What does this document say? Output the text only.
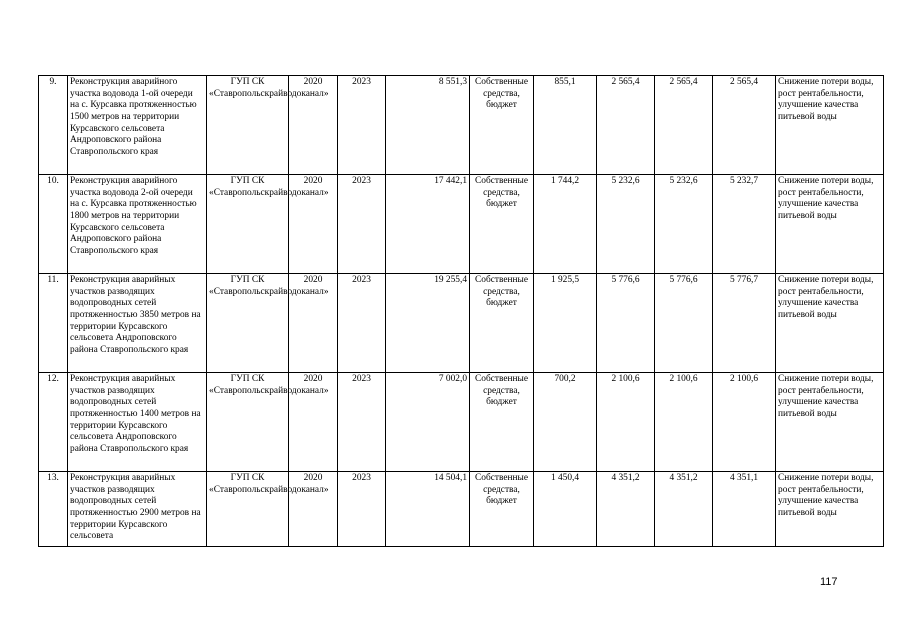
9.	Реконструкция аварийного участка водовода 1-ой очереди на с. Курсавка протяженностью 1500 метров на территории Курсавского сельсовета Андроповского района Ставропольского края	ГУП СК «Ставропольскрайводоканал»	2020	2023	8 551,3	Собственные средства, бюджет	855,1	2 565,4	2 565,4	2 565,4	Снижение потери воды, рост рентабельности, улучшение качества питьевой воды
10.	Реконструкция аварийного участка водовода 2-ой очереди на с. Курсавка протяженностью 1800 метров на территории Курсавского сельсовета Андроповского района Ставропольского края	ГУП СК «Ставропольскрайводоканал»	2020	2023	17 442,1	Собственные средства, бюджет	1 744,2	5 232,6	5 232,6	5 232,7	Снижение потери воды, рост рентабельности, улучшение качества питьевой воды
11.	Реконструкция аварийных участков разводящих водопроводных сетей протяженностью 3850 метров на территории Курсавского сельсовета Андроповского района Ставропольского края	ГУП СК «Ставропольскрайводоканал»	2020	2023	19 255,4	Собственные средства, бюджет	1 925,5	5 776,6	5 776,6	5 776,7	Снижение потери воды, рост рентабельности, улучшение качества питьевой воды
12.	Реконструкция аварийных участков разводящих водопроводных сетей протяженностью 1400 метров на территории Курсавского сельсовета Андроповского района Ставропольского края	ГУП СК «Ставропольскрайводоканал»	2020	2023	7 002,0	Собственные средства, бюджет	700,2	2 100,6	2 100,6	2 100,6	Снижение потери воды, рост рентабельности, улучшение качества питьевой воды
13.	Реконструкция аварийных участков разводящих водопроводных сетей протяженностью 2900 метров на территории Курсавского сельсовета	ГУП СК «Ставропольскрайводоканал»	2020	2023	14 504,1	Собственные средства, бюджет	1 450,4	4 351,2	4 351,2	4 351,1	Снижение потери воды, рост рентабельности, улучшение качества питьевой воды
117
